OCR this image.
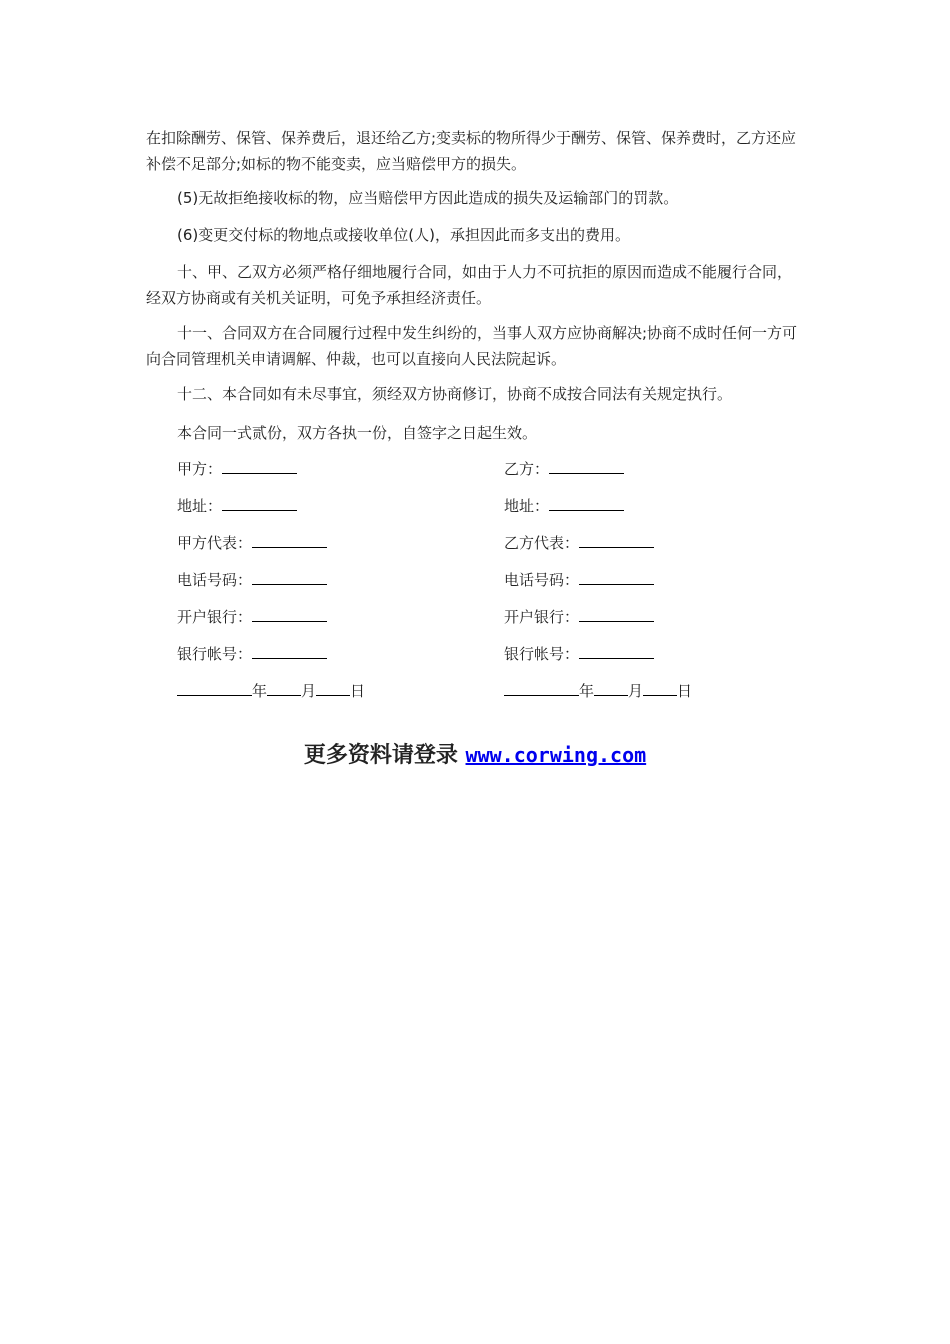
在扣除酬劳、保管、保养费后，退还给乙方;变卖标的物所得少于酬劳、保管、保养费时，乙方还应补偿不足部分;如标的物不能变卖，应当赔偿甲方的损失。

(5)无故拒绝接收标的物，应当赔偿甲方因此造成的损失及运输部门的罚款。

(6)变更交付标的物地点或接收单位(人)，承担因此而多支出的费用。

十、甲、乙双方必须严格仔细地履行合同，如由于人力不可抗拒的原因而造成不能履行合同，经双方协商或有关机关证明，可免予承担经济责任。

十一、合同双方在合同履行过程中发生纠纷的，当事人双方应协商解决;协商不成时任何一方可向合同管理机关申请调解、仲裁，也可以直接向人民法院起诉。

十二、本合同如有未尽事宜，须经双方协商修订，协商不成按合同法有关规定执行。

本合同一式贰份，双方各执一份，自签字之日起生效。

甲方：
地址：
甲方代表：
电话号码：
开户银行：
银行帐号：
年 月 日
乙方：
地址：
乙方代表：
电话号码：
开户银行：
银行帐号：
年 月 日
更多资料请登录 www.corwing.com
